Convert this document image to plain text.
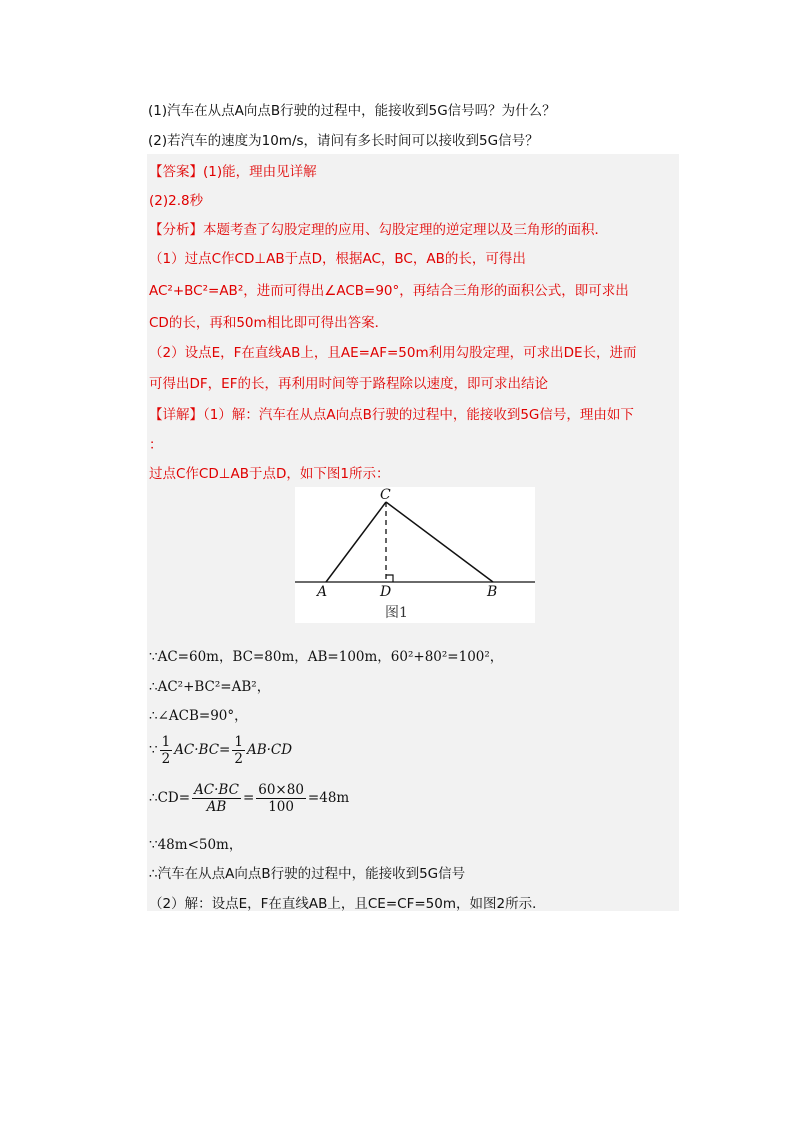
(1)汽车在从点A向点B行驶的过程中，能接收到5G信号吗？为什么？
(2)若汽车的速度为10m/s，请问有多长时间可以接收到5G信号？
【答案】(1)能，理由见详解
(2)2.8秒
【分析】本题考查了勾股定理的应用、勾股定理的逆定理以及三角形的面积．
（1）过点C作CD⊥AB于点D，根据AC，BC，AB的长，可得出
AC²+BC²=AB²，进而可得出∠ACB=90°，再结合三角形的面积公式，即可求出
CD的长，再和50m相比即可得出答案．
（2）设点E，F在直线AB上，且AE=AF=50m利用勾股定理，可求出DE长，进而
可得出DF，EF的长，再利用时间等于路程除以速度，即可求出结论
【详解】（1）解：汽车在从点A向点B行驶的过程中，能接收到5G信号，理由如下
：
过点C作CD⊥AB于点D，如下图1所示：
C
A	D	B
图1
∵AC=60m，BC=80m，AB=100m，60²+80²=100²，
∴AC²+BC²=AB²，
∴∠ACB=90°，
∵ $\frac{1}{2} AC\cdot BC= \frac{1}{2} AB\cdot CD$
∴CD= $\frac{AC\cdot BC}{AB} = \frac{60\times 80}{100} =48m$
∵48m<50m，
∴汽车在从点A向点B行驶的过程中，能接收到5G信号
（2）解：设点E，F在直线AB上，且CE=CF=50m，如图2所示．
